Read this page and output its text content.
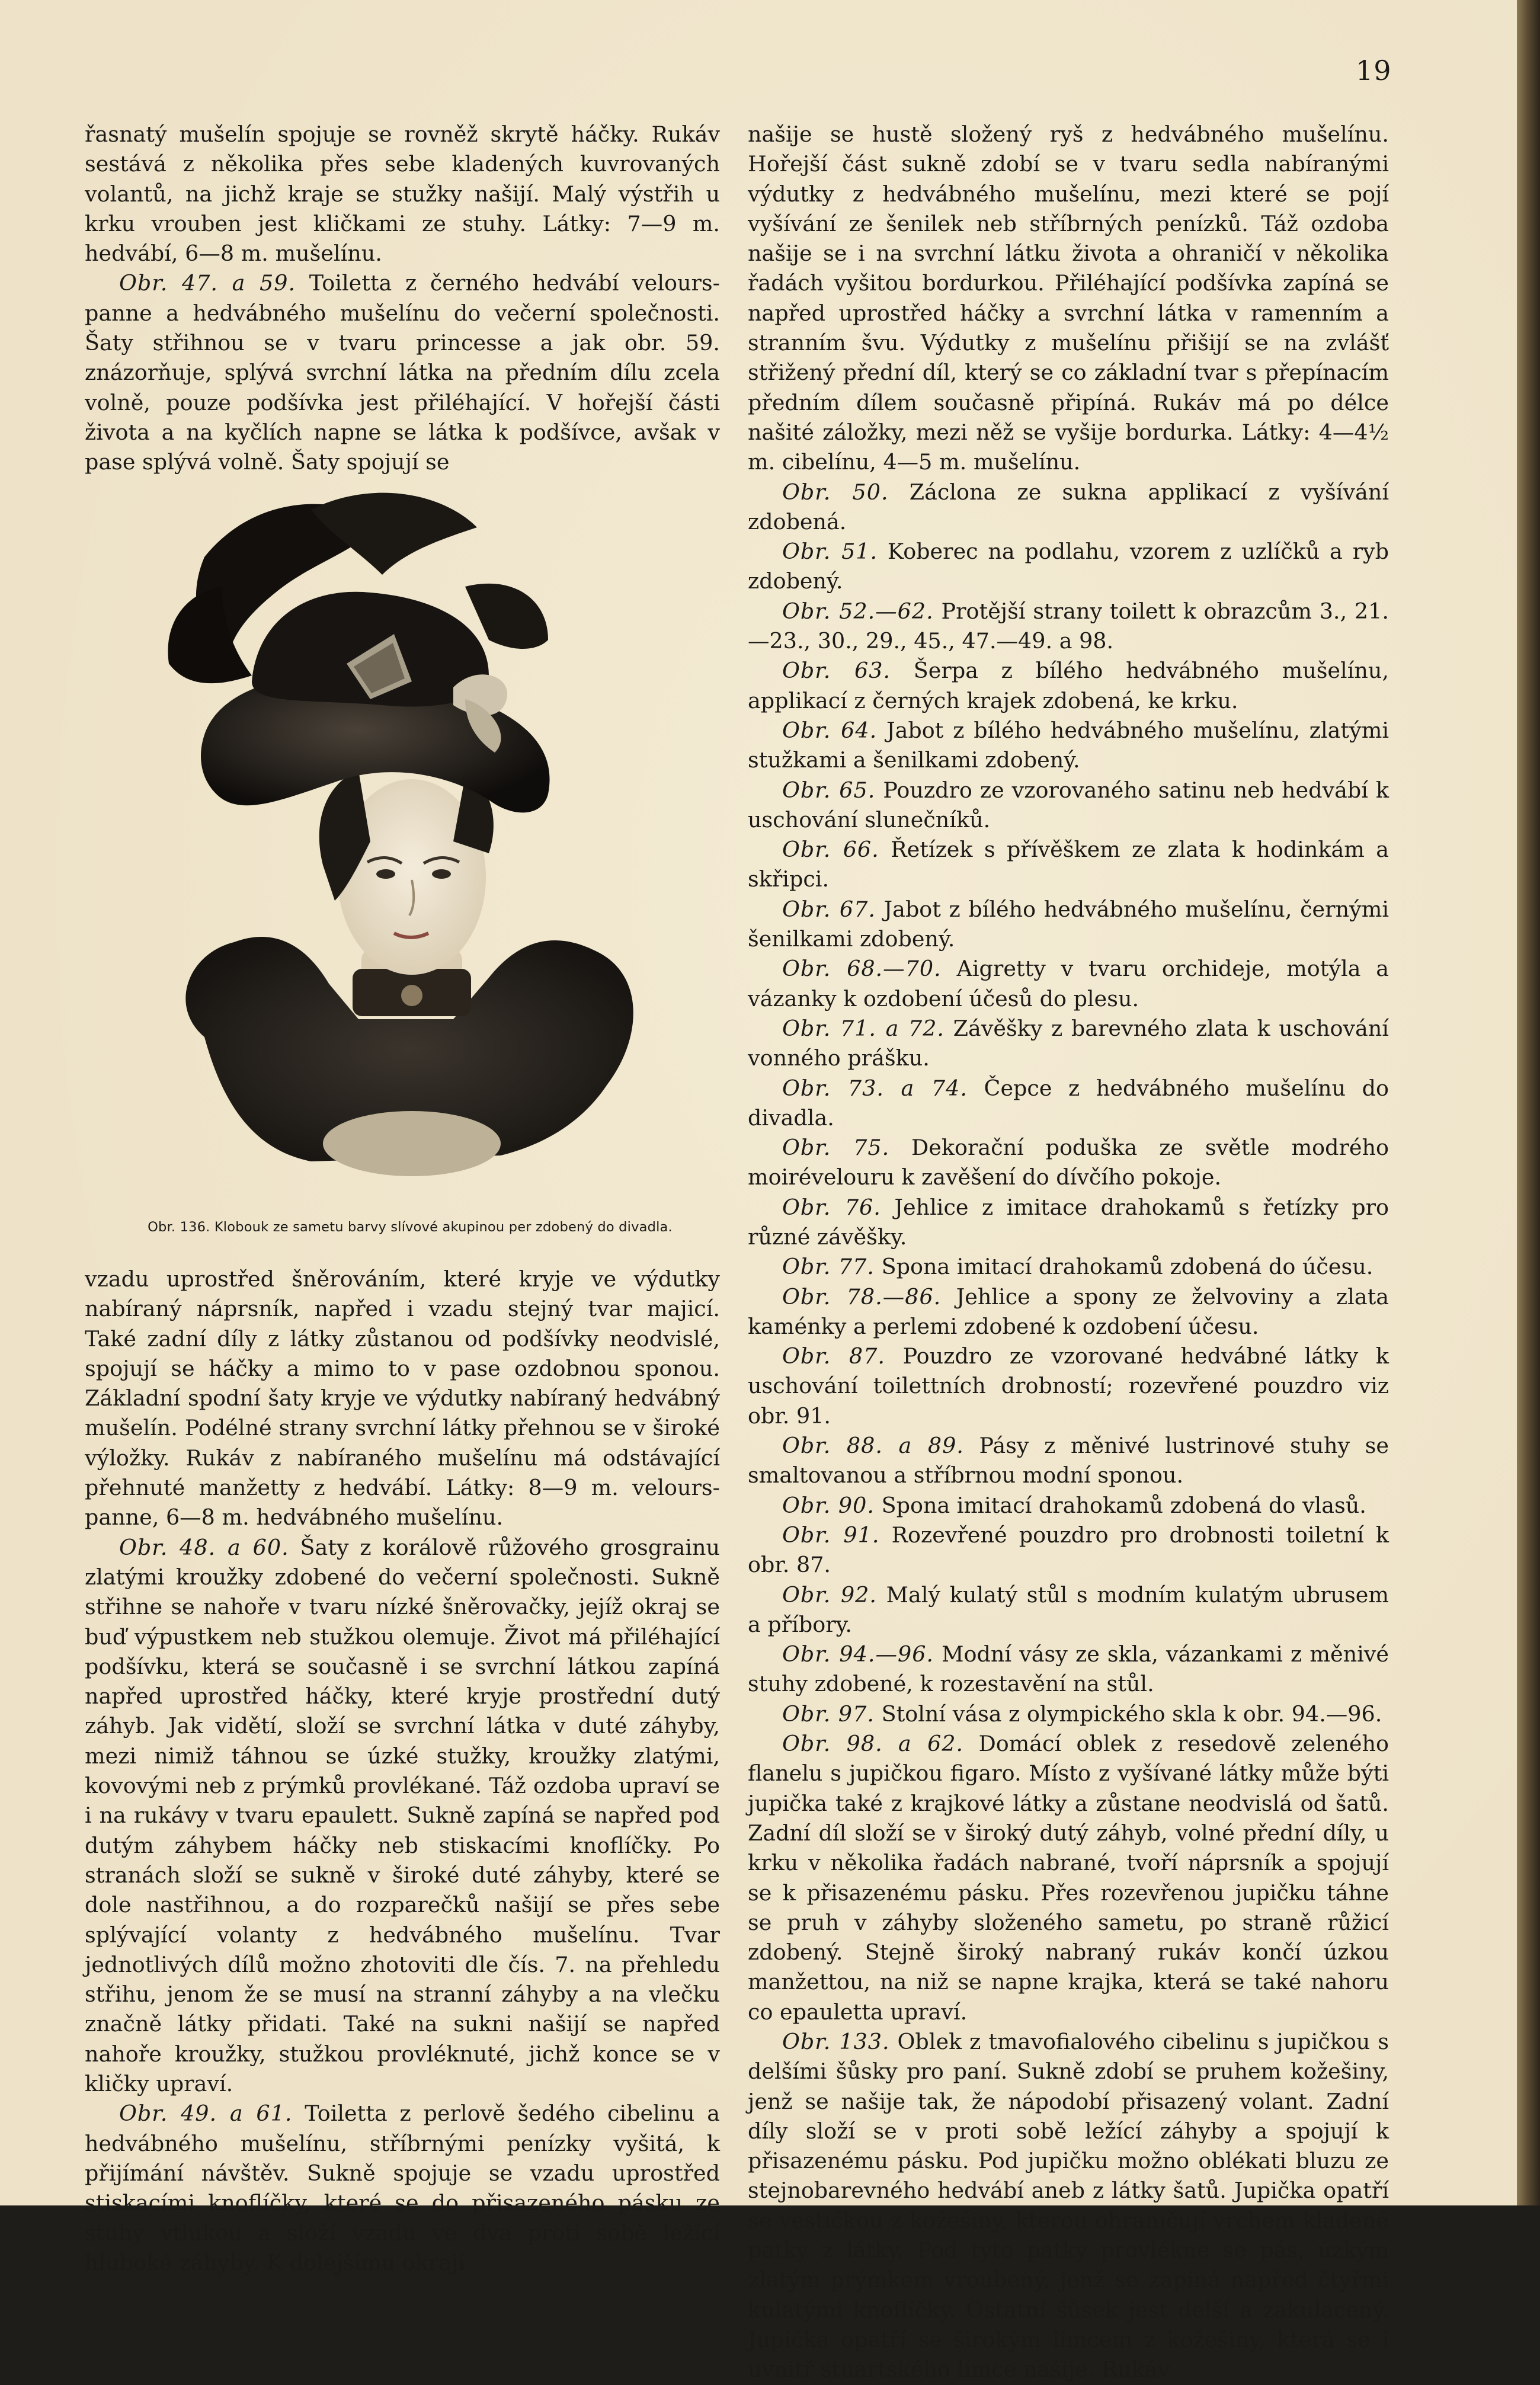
19

řasnatý mušelín spojuje se rovněž skrytě háčky. Rukáv sestává z několika přes sebe kladených kuvrovaných volantů, na jichž kraje se stužky našijí. Malý výstřih u krku vrouben jest kličkami ze stuhy. Látky: 7—9 m. hedvábí, 6—8 m. mušelínu.

Obr. 47. a 59. Toiletta z černého hedvábí velours-panne a hedvábného mušelínu do večerní společnosti. Šaty střihnou se v tvaru princesse a jak obr. 59. znázorňuje, splývá svrchní látka na předním dílu zcela volně, pouze podšívka jest přiléhající. V hořejší části života a na kyčlích napne se látka k podšívce, avšak v pase splývá volně. Šaty spojují se

Obr. 136. Klobouk ze sametu barvy slívové akupinou per zdobený do divadla.

vzadu uprostřed šněrováním, které kryje ve výdutky nabíraný náprsník, napřed i vzadu stejný tvar majicí. Také zadní díly z látky zůstanou od podšívky neodvislé, spojují se háčky a mimo to v pase ozdobnou sponou. Základní spodní šaty kryje ve výdutky nabíraný hedvábný mušelín. Podélné strany svrchní látky přehnou se v široké výložky. Rukáv z nabíraného mušelínu má odstávající přehnuté manžetty z hedvábí. Látky: 8—9 m. velours-panne, 6—8 m. hedvábného mušelínu.

Obr. 48. a 60. Šaty z korálově růžového grosgrainu zlatými kroužky zdobené do večerní společnosti. Sukně střihne se nahoře v tvaru nízké šněrovačky, jejíž okraj se buď výpustkem neb stužkou olemuje. Život má přiléhající podšívku, která se současně i se svrchní látkou zapíná napřed uprostřed háčky, které kryje prostřední dutý záhyb. Jak vidětí, složí se svrchní látka v duté záhyby, mezi nimiž táhnou se úzké stužky, kroužky zlatými, kovovými neb z prýmků provlékané. Táž ozdoba upraví se i na rukávy v tvaru epaulett. Sukně zapíná se napřed pod dutým záhybem háčky neb stiskacími knoflíčky. Po stranách složí se sukně v široké duté záhyby, které se dole nastřihnou, a do rozparečků našijí se přes sebe splývající volanty z hedvábného mušelínu. Tvar jednotlivých dílů možno zhotoviti dle čís. 7. na přehledu střihu, jenom že se musí na stranní záhyby a na vlečku značně látky přidati. Také na sukni našijí se napřed nahoře kroužky, stužkou provléknuté, jichž konce se v kličky upraví.

Obr. 49. a 61. Toiletta z perlově šedého cibelinu a hedvábného mušelínu, stříbrnými penízky vyšitá, k přijímání návštěv. Sukně spojuje se vzadu uprostřed stiskacími knoflíčky, které se do přisazeného pásku ze stuhy vtlukou a složí vzadu ve dva proti sobě ležící hluboké záhyby. K dolejšímu okraji

našije se hustě složený ryš z hedvábného mušelínu. Hořejší část sukně zdobí se v tvaru sedla nabíranými výdutky z hedvábného mušelínu, mezi které se pojí vyšívání ze šenilek neb stříbrných penízků. Táž ozdoba našije se i na svrchní látku života a ohraničí v několika řadách vyšitou bordurkou. Přiléhající podšívka zapíná se napřed uprostřed háčky a svrchní látka v ramenním a stranním švu. Výdutky z mušelínu přišijí se na zvlášť střižený přední díl, který se co základní tvar s přepínacím předním dílem současně připíná. Rukáv má po délce našité záložky, mezi něž se vyšije bordurka. Látky: 4—4½ m. cibelínu, 4—5 m. mušelínu.

Obr. 50. Záclona ze sukna applikací z vyšívání zdobená.

Obr. 51. Koberec na podlahu, vzorem z uzlíčků a ryb zdobený.

Obr. 52.—62. Protější strany toilett k obrazcům 3., 21.—23., 30., 29., 45., 47.—49. a 98.

Obr. 63. Šerpa z bílého hedvábného mušelínu, applikací z černých krajek zdobená, ke krku.

Obr. 64. Jabot z bílého hedvábného mušelínu, zlatými stužkami a šenilkami zdobený.

Obr. 65. Pouzdro ze vzorovaného satinu neb hedvábí k uschování slunečníků.

Obr. 66. Řetízek s přívěškem ze zlata k hodinkám a skřipci.

Obr. 67. Jabot z bílého hedvábného mušelínu, černými šenilkami zdobený.

Obr. 68.—70. Aigretty v tvaru orchideje, motýla a vázanky k ozdobení účesů do plesu.

Obr. 71. a 72. Závěšky z barevného zlata k uschování vonného prášku.

Obr. 73. a 74. Čepce z hedvábného mušelínu do divadla.

Obr. 75. Dekorační poduška ze světle modrého moirévelouru k zavěšení do dívčího pokoje.

Obr. 76. Jehlice z imitace drahokamů s řetízky pro různé závěšky.

Obr. 77. Spona imitací drahokamů zdobená do účesu.

Obr. 78.—86. Jehlice a spony ze želvoviny a zlata kaménky a perlemi zdobené k ozdobení účesu.

Obr. 87. Pouzdro ze vzorované hedvábné látky k uschování toilettních drobností; rozevřené pouzdro viz obr. 91.

Obr. 88. a 89. Pásy z měnivé lustrinové stuhy se smaltovanou a stříbrnou modní sponou.

Obr. 90. Spona imitací drahokamů zdobená do vlasů.

Obr. 91. Rozevřené pouzdro pro drobnosti toiletní k obr. 87.

Obr. 92. Malý kulatý stůl s modním kulatým ubrusem a příbory.

Obr. 94.—96. Modní vásy ze skla, vázankami z měnivé stuhy zdobené, k rozestavění na stůl.

Obr. 97. Stolní vása z olympického skla k obr. 94.—96.

Obr. 98. a 62. Domácí oblek z resedově zeleného flanelu s jupičkou figaro. Místo z vyšívané látky může býti jupička také z krajkové látky a zůstane neodvislá od šatů. Zadní díl složí se v široký dutý záhyb, volné přední díly, u krku v několika řadách nabrané, tvoří náprsník a spojují se k přisazenému pásku. Přes rozevřenou jupičku táhne se pruh v záhyby složeného sametu, po straně růžicí zdobený. Stejně široký nabraný rukáv končí úzkou manžettou, na niž se napne krajka, která se také nahoru co epauletta upraví.

Obr. 133. Oblek z tmavofialového cibelinu s jupičkou s delšími šůsky pro paní. Sukně zdobí se pruhem kožešiny, jenž se našije tak, že nápodobí přisazený volant. Zadní díly složí se v proti sobě ležící záhyby a spojují k přisazenému pásku. Pod jupičku možno oblékati bluzu ze stejnobarevného hedvábí aneb z látky šatů. Jupička opatří se vestičkou z kožešiny, kterou ohraničují vrchem kladené patky z látky. Pod tyto patky provlékne se pás, úzkým zlatým prýmkem vroubený, jenž se zapíná napřed čtyřmi kulatými knoflíčky. Ostatní šůsek jest delší a zakulacený. Jupička opatří se širokým límcem z kožešiny, která se i uvnitř stuartského límce našije. Rukáv
